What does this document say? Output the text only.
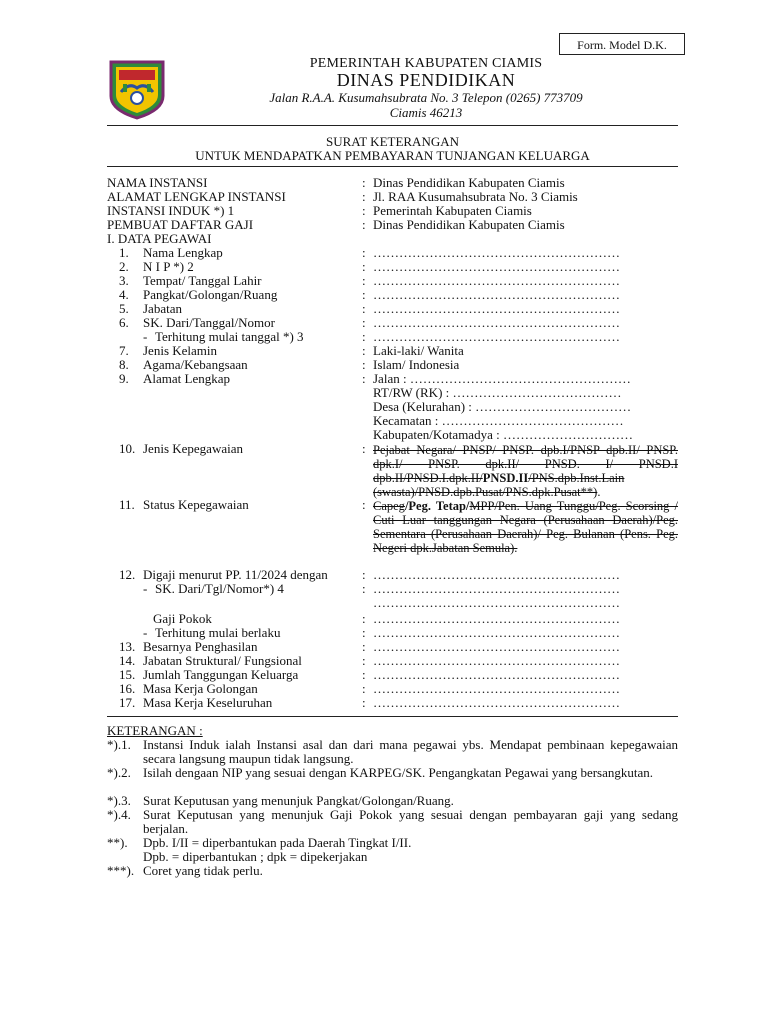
Form. Model D.K.
PEMERINTAH KABUPATEN CIAMIS
DINAS PENDIDIKAN
Jalan R.A.A. Kusumahsubrata No. 3 Telepon (0265) 773709
Ciamis 46213
SURAT KETERANGAN
UNTUK MENDAPATKAN PEMBAYARAN TUNJANGAN KELUARGA
NAMA INSTANSI	: Dinas Pendidikan Kabupaten Ciamis
ALAMAT LENGKAP INSTANSI	: Jl. RAA Kusumahsubrata No. 3 Ciamis
INSTANSI INDUK *) 1	: Pemerintah Kabupaten Ciamis
PEMBUAT DAFTAR GAJI	: Dinas Pendidikan Kabupaten Ciamis
I. DATA PEGAWAI
1.	Nama Lengkap	: …………………………………………………
2.	N I P *) 2	: …………………………………………………
3.	Tempat/ Tanggal Lahir	: …………………………………………………
4.	Pangkat/Golongan/Ruang	: …………………………………………………
5.	Jabatan	: …………………………………………………
6.	SK. Dari/Tanggal/Nomor	: …………………………………………………
- Terhitung mulai tanggal *) 3	: …………………………………………………
7.	Jenis Kelamin	: Laki-laki/ Wanita
8.	Agama/Kebangsaan	: Islam/ Indonesia
9.	Alamat Lengkap	: Jalan : ……………………………………………
RT/RW (RK) : …………………………………
Desa (Kelurahan) : ………………………………
Kecamatan : ……………………………………
Kabupaten/Kotamadya : …………………………
10. Jenis Kepegawaian	: Pejabat Negara/ PNSP/ PNSP. dpb.I/PNSP dpb.II/ PNSP. dpk.I/ PNSP. dpk.II/ PNSD. I/ PNSD.I dpb.II/PNSD.I.dpk.II/PNSD.II/PNS.dpb.Inst.Lain (swasta)/PNSD.dpb.Pusat/PNS.dpk.Pusat**).
11. Status Kepegawaian	: Capeg/Peg. Tetap/MPP/Pen. Uang Tunggu/Peg. Scorsing / Cuti Luar tanggungan Negara (Perusahaan Daerah)/Peg. Sementara (Perusahaan Daerah)/ Peg. Bulanan (Pens. Peg. Negeri dpk.Jabatan Semula).
12. Digaji menurut PP. 11/2024 dengan	: …………………………………………………
- SK. Dari/Tgl/Nomor*) 4	: …………………………………………………
…………………………………………………
Gaji Pokok	: …………………………………………………
- Terhitung mulai berlaku	: …………………………………………………
13. Besarnya Penghasilan	: …………………………………………………
14. Jabatan Struktural/ Fungsional	: …………………………………………………
15. Jumlah Tanggungan Keluarga	: …………………………………………………
16. Masa Kerja Golongan	: …………………………………………………
17. Masa Kerja Keseluruhan	: …………………………………………………
KETERANGAN :
*).1. Instansi Induk ialah Instansi asal dan dari mana pegawai ybs. Mendapat pembinaan kepegawaian secara langsung maupun tidak langsung.
*).2. Isilah dengaan NIP yang sesuai dengan KARPEG/SK. Pengangkatan Pegawai yang bersangkutan.
*).3. Surat Keputusan yang menunjuk Pangkat/Golongan/Ruang.
*).4. Surat Keputusan yang menunjuk Gaji Pokok yang sesuai dengan pembayaran gaji yang sedang berjalan.
**). Dpb. I/II = diperbantukan pada Daerah Tingkat I/II.
Dpb. = diperbantukan ; dpk = dipekerjakan
***). Coret yang tidak perlu.
